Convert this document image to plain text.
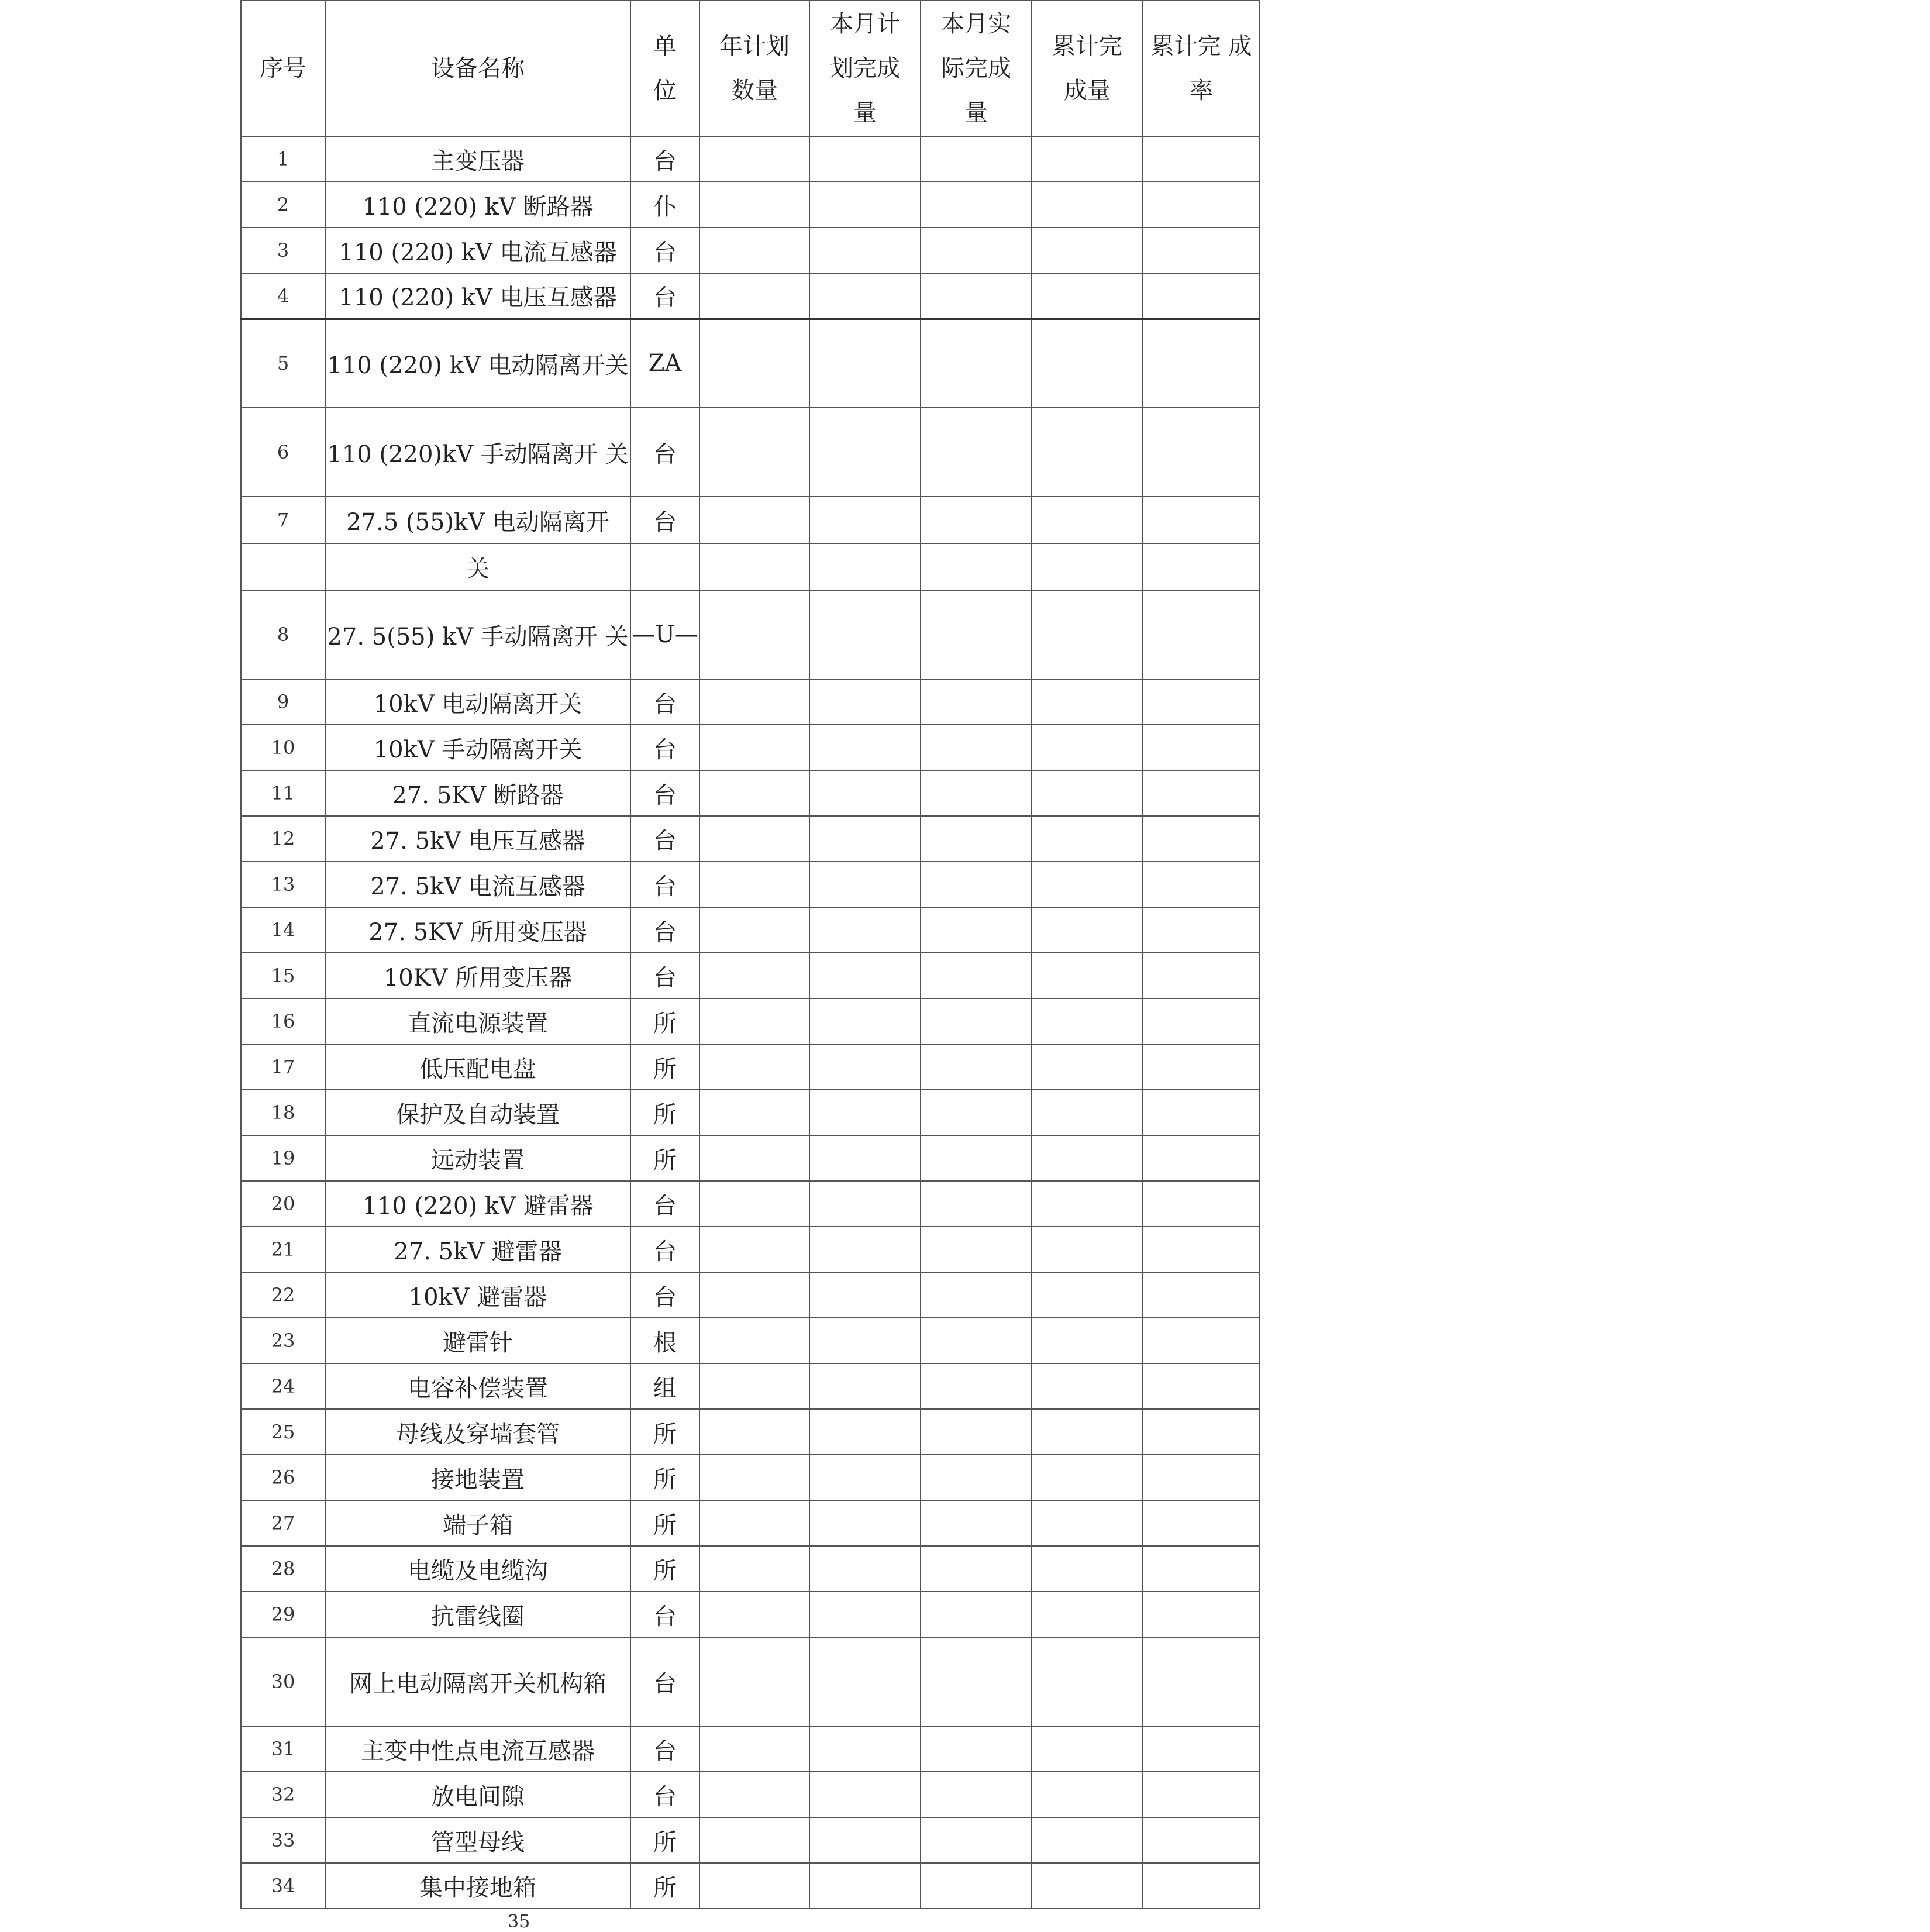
序号	设备名称	单位	年计划数量	本月计划完成量	本月实际完成量	累计完成量	累计完 成率

1	主变压器	台					
2	110 (220) kV 断路器	仆					
3	110 (220) kV 电流互感器	台					
4	110 (220) kV 电压互感器	台					
5	110 (220) kV 电动隔离开关	ZA					
6	110 (220)kV 手动隔离开 关	台					
7	27.5 (55)kV 电动隔离开	台					
	关						
8	27. 5(55) kV 手动隔离开 关	—U—					
9	10kV 电动隔离开关	台					
10	10kV 手动隔离开关	台					
11	27. 5KV 断路器	台					
12	27. 5kV 电压互感器	台					
13	27. 5kV 电流互感器	台					
14	27. 5KV 所用变压器	台					
15	10KV 所用变压器	台					
16	直流电源装置	所					
17	低压配电盘	所					
18	保护及自动装置	所					
19	远动装置	所					
20	110 (220) kV 避雷器	台					
21	27. 5kV 避雷器	台					
22	10kV 避雷器	台					
23	避雷针	根					
24	电容补偿装置	组					
25	母线及穿墙套管	所					
26	接地装置	所					
27	端子箱	所					
28	电缆及电缆沟	所					
29	抗雷线圈	台					
30	网上电动隔离开关机构箱	台					
31	主变中性点电流互感器	台					
32	放电间隙	台					
33	管型母线	所					
34	集中接地箱	所					
35
